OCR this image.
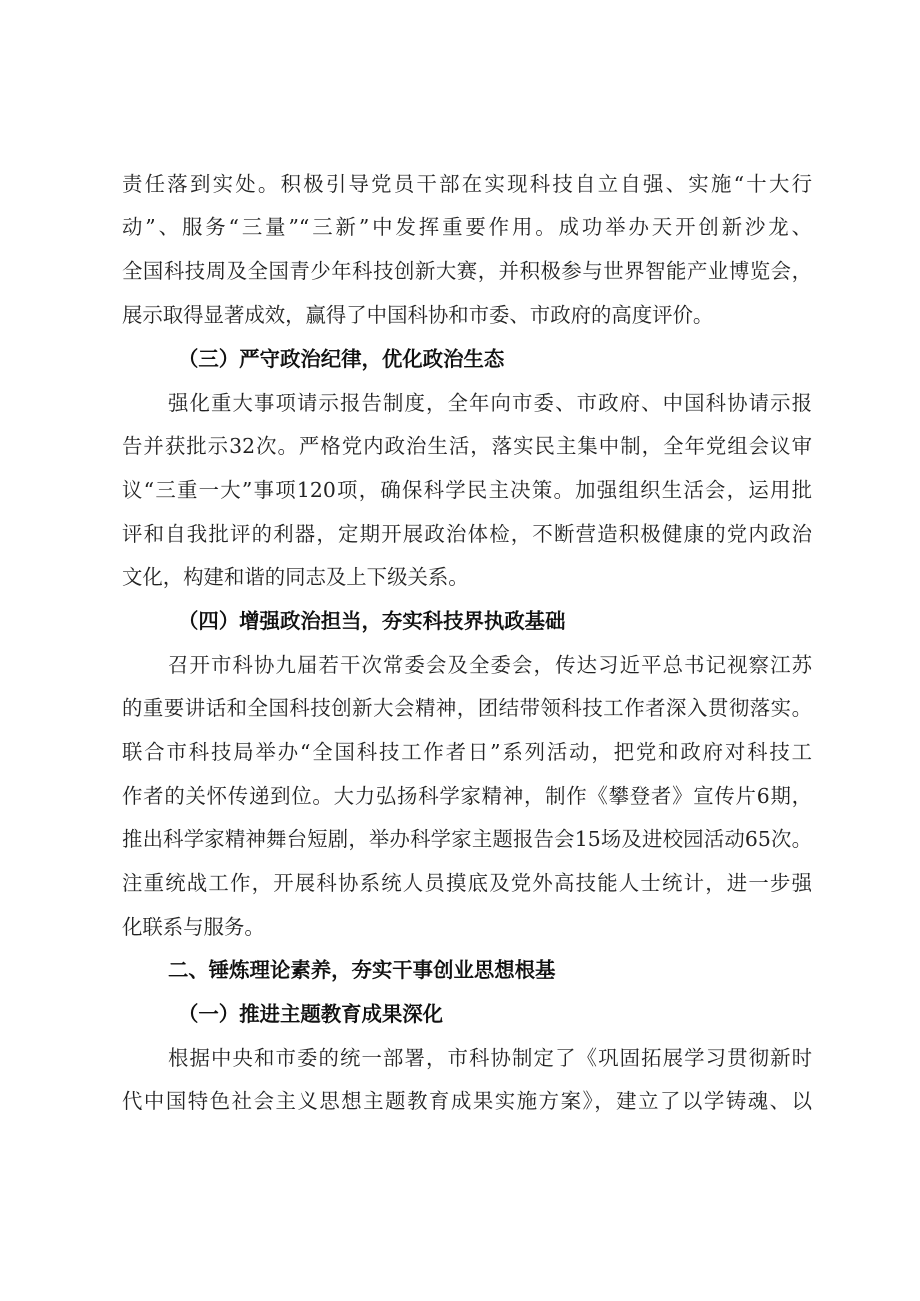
责任落到实处。积极引导党员干部在实现科技自立自强、实施“十大行
动”、服务“三量”“三新”中发挥重要作用。成功举办天开创新沙龙、
全国科技周及全国青少年科技创新大赛，并积极参与世界智能产业博览会，
展示取得显著成效，赢得了中国科协和市委、市政府的高度评价。
（三）严守政治纪律，优化政治生态
强化重大事项请示报告制度，全年向市委、市政府、中国科协请示报
告并获批示32次。严格党内政治生活，落实民主集中制，全年党组会议审
议“三重一大”事项120项，确保科学民主决策。加强组织生活会，运用批
评和自我批评的利器，定期开展政治体检，不断营造积极健康的党内政治
文化，构建和谐的同志及上下级关系。
（四）增强政治担当，夯实科技界执政基础
召开市科协九届若干次常委会及全委会，传达习近平总书记视察江苏
的重要讲话和全国科技创新大会精神，团结带领科技工作者深入贯彻落实。
联合市科技局举办“全国科技工作者日”系列活动，把党和政府对科技工
作者的关怀传递到位。大力弘扬科学家精神，制作《攀登者》宣传片6期，
推出科学家精神舞台短剧，举办科学家主题报告会15场及进校园活动65次。
注重统战工作，开展科协系统人员摸底及党外高技能人士统计，进一步强
化联系与服务。
二、锤炼理论素养，夯实干事创业思想根基
（一）推进主题教育成果深化
根据中央和市委的统一部署，市科协制定了《巩固拓展学习贯彻新时
代中国特色社会主义思想主题教育成果实施方案》，建立了以学铸魂、以
